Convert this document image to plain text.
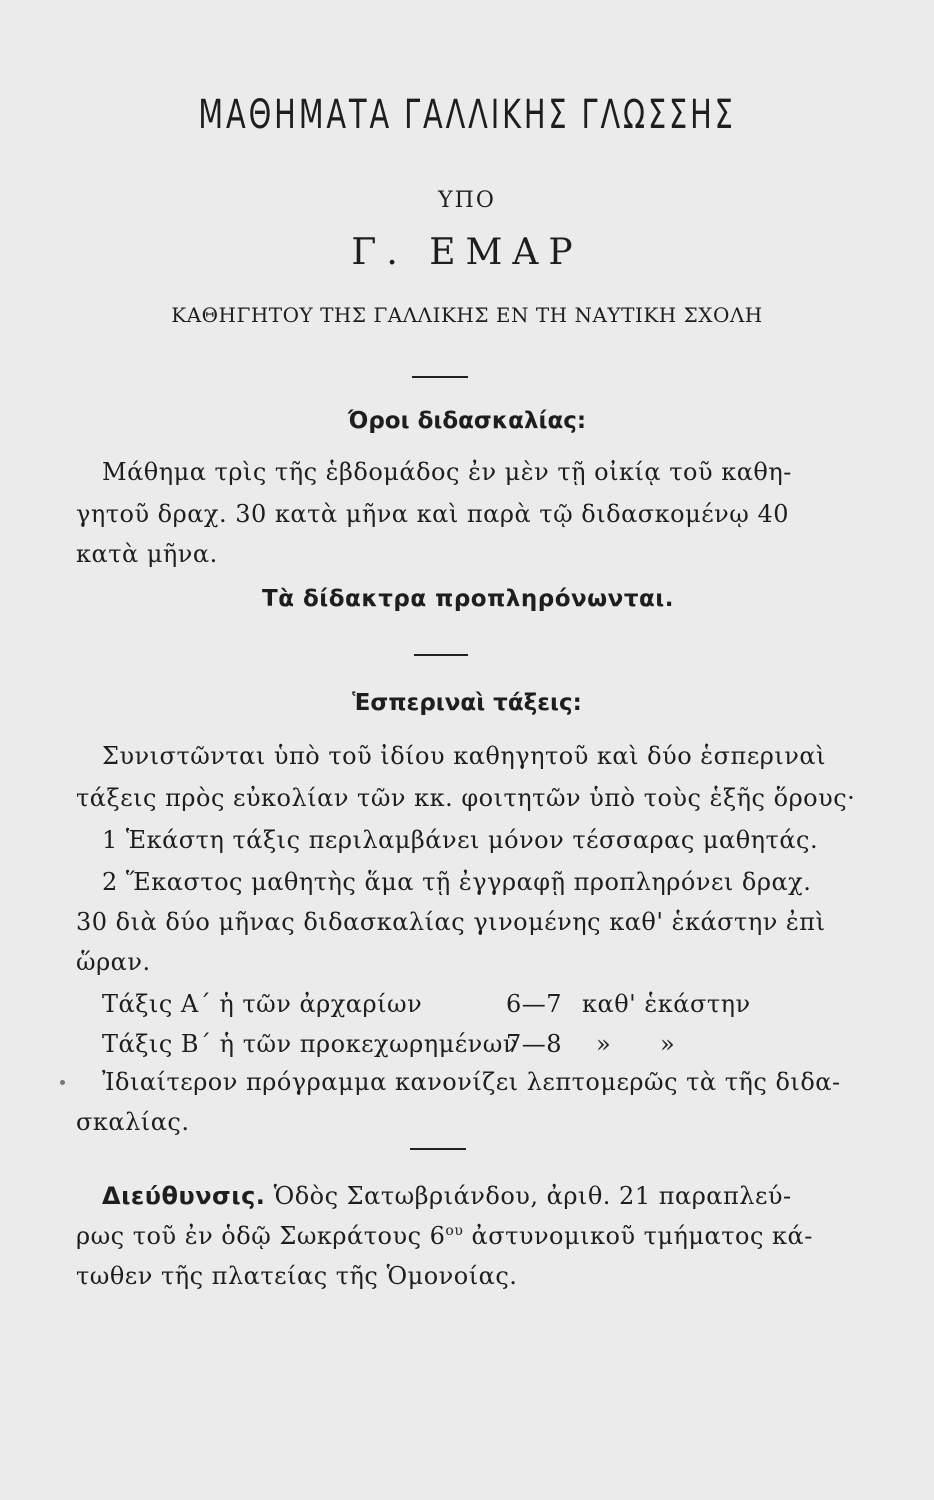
ΜΑΘΗΜΑΤΑ ΓΑΛΛΙΚΗΣ ΓΛΩΣΣΗΣ
ΥΠΟ
Γ. ΕΜΑΡ
ΚΑΘΗΓΗΤΟΥ ΤΗΣ ΓΑΛΛΙΚΗΣ ΕΝ ΤΗ ΝΑΥΤΙΚΗ ΣΧΟΛΗ
Όροι διδασκαλίας:
Μάθημα τρὶς τῆς ἑβδομάδος ἐν μὲν τῇ οἰκίᾳ τοῦ καθη-
γητοῦ δραχ. 30 κατὰ μῆνα καὶ παρὰ τῷ διδασκομένῳ 40
κατὰ μῆνα.
Τὰ δίδακτρα προπληρόνωνται.
Ἑσπεριναὶ τάξεις:
Συνιστῶνται ὑπὸ τοῦ ἰδίου καθηγητοῦ καὶ δύο ἑσπεριναὶ
τάξεις πρὸς εὐκολίαν τῶν κκ. φοιτητῶν ὑπὸ τοὺς ἑξῆς ὅρους·
1 Ἑκάστη τάξις περιλαμβάνει μόνον τέσσαρας μαθητάς.
2 Ἕκαστος μαθητὴς ἅμα τῇ ἐγγραφῇ προπληρόνει δραχ.
30 διὰ δύο μῆνας διδασκαλίας γινομένης καθ' ἑκάστην ἐπὶ
ὥραν.
Τάξις Α΄ ἡ τῶν ἀρχαρίων	6—7 καθ' ἑκάστην
Τάξις Β΄ ἡ τῶν προκεχωρημένων
7—8 »      »
Ἰδιαίτερον πρόγραμμα κανονίζει λεπτομερῶς τὰ τῆς διδα-
σκαλίας.
Διεύθυνσις. Ὁδὸς Σατωβριάνδου, ἀριθ. 21 παραπλεύ-
ρως τοῦ ἐν ὁδῷ Σωκράτους $6^{o\upsilon}$ ἀστυνομικοῦ τμήματος κά-
τωθεν τῆς πλατείας τῆς Ὁμονοίας.
